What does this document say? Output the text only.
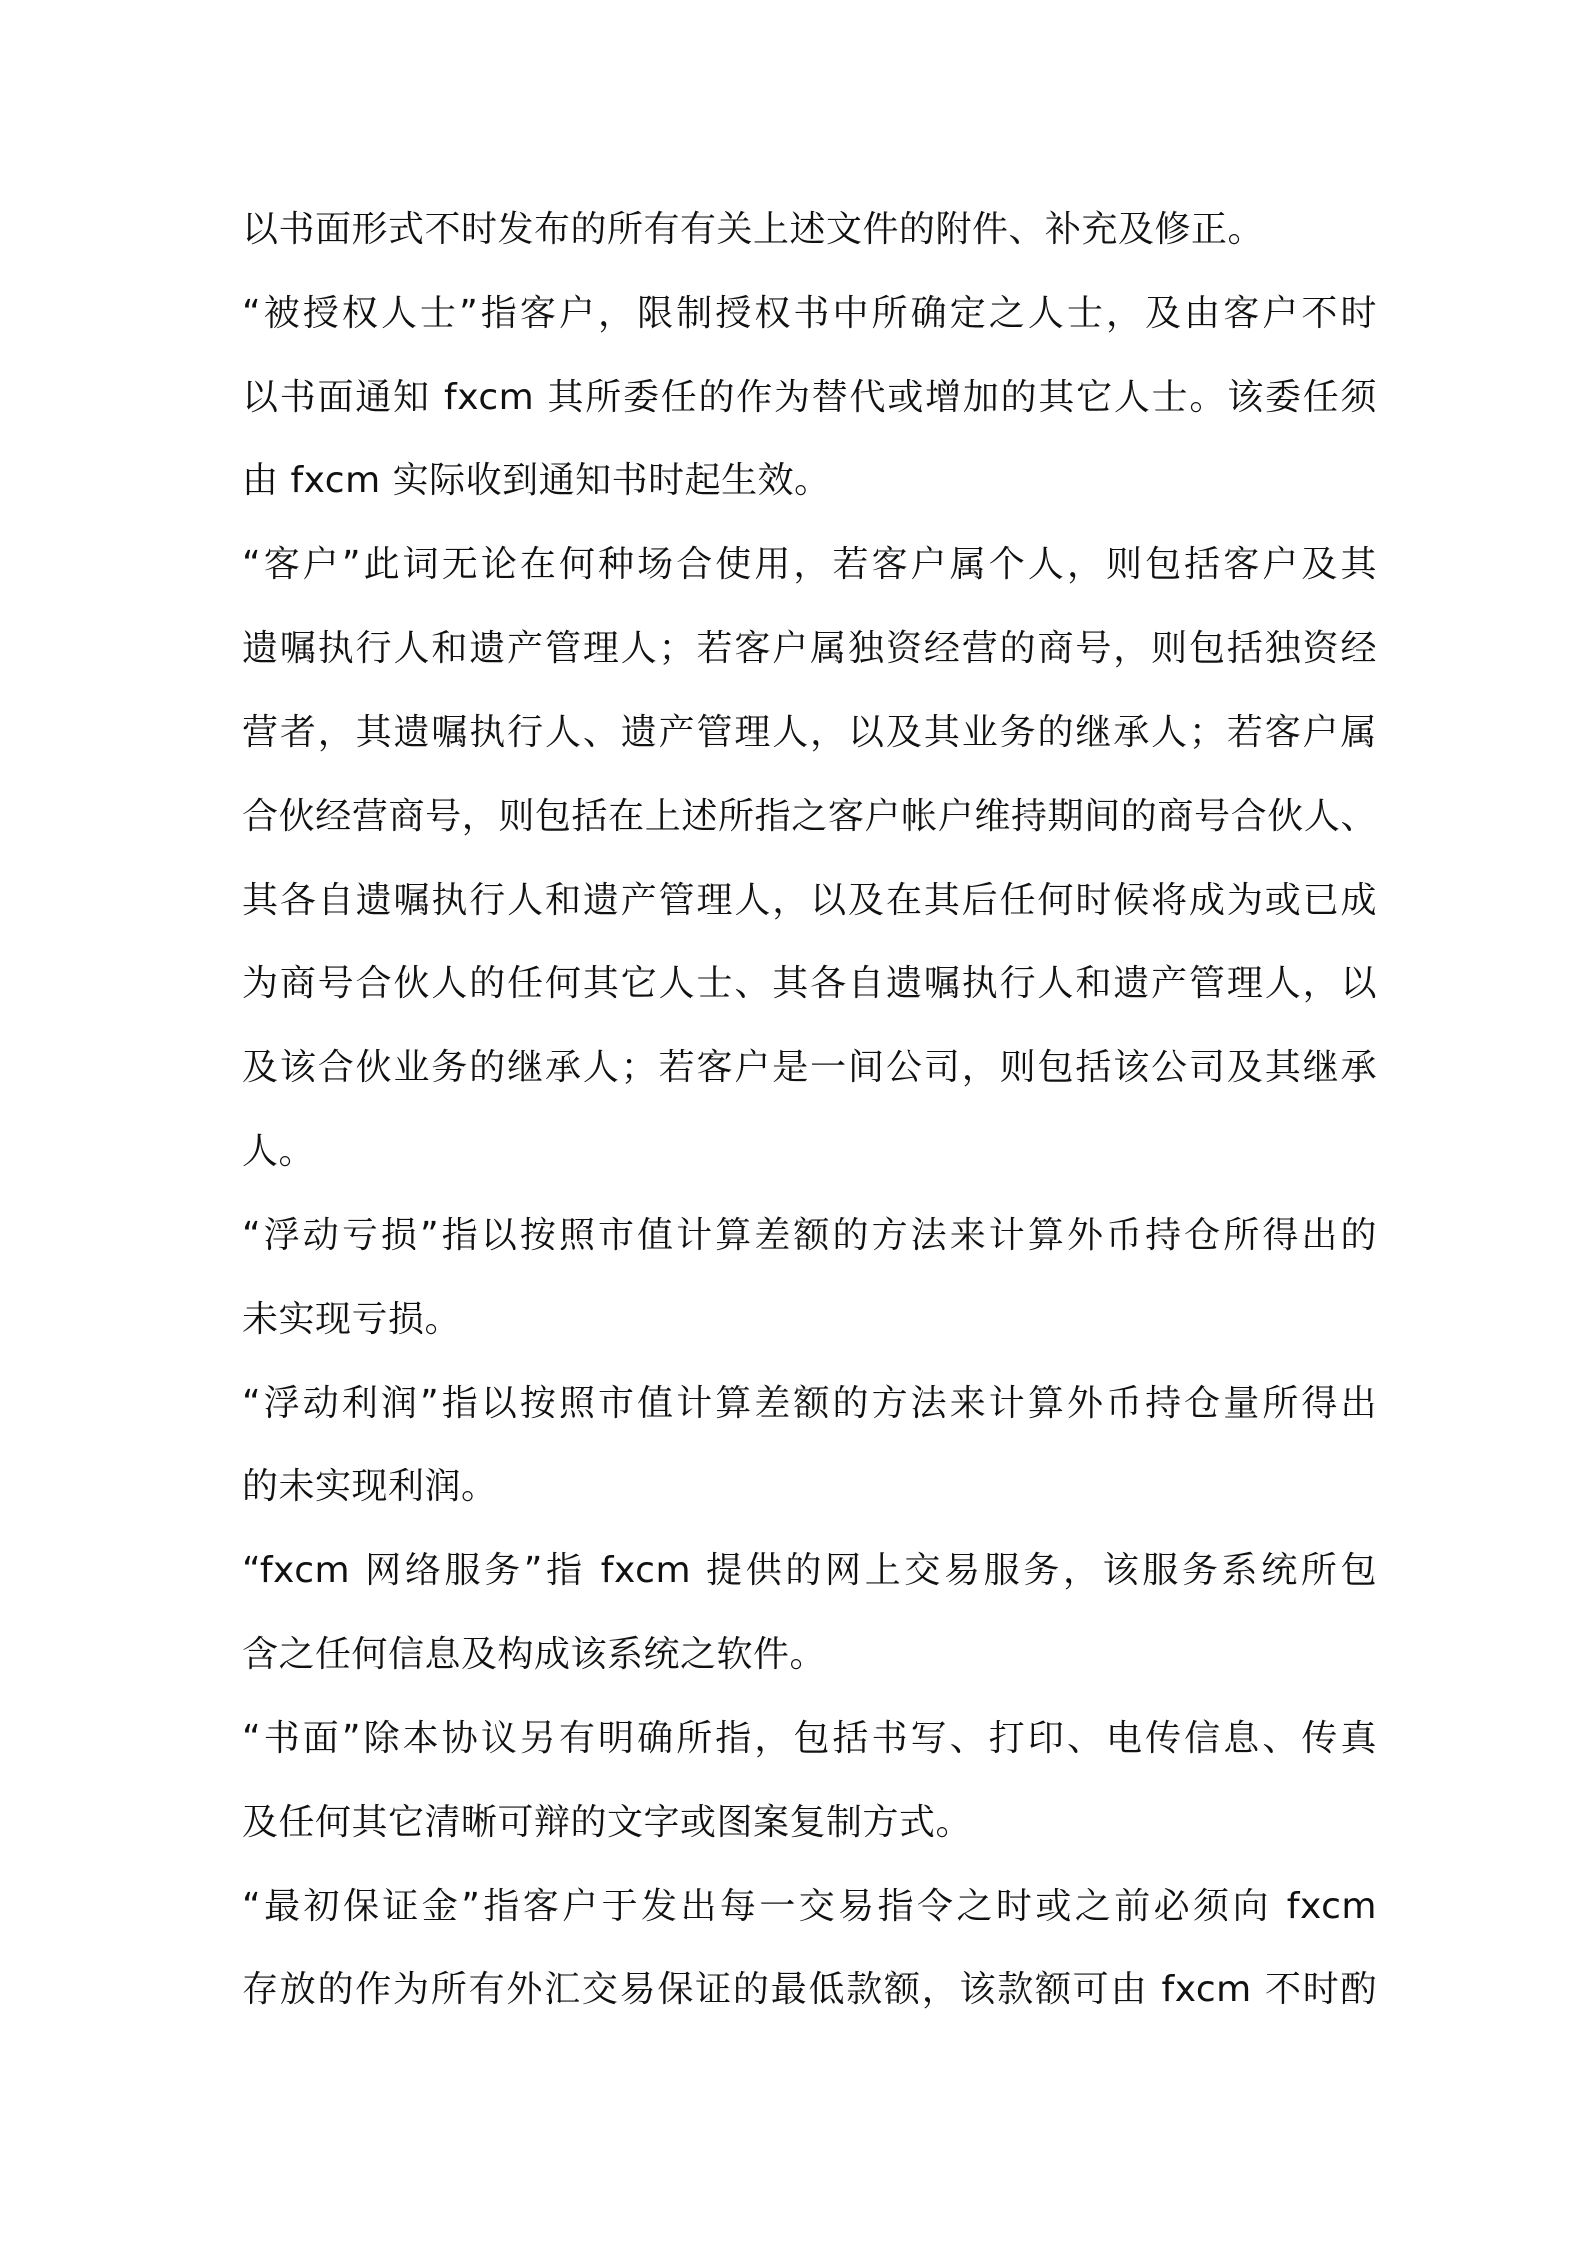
以书面形式不时发布的所有有关上述文件的附件、补充及修正。
“被授权人士”指客户，限制授权书中所确定之人士，及由客户不时
以书面通知 fxcm 其所委任的作为替代或增加的其它人士。该委任须
由 fxcm 实际收到通知书时起生效。
“客户”此词无论在何种场合使用，若客户属个人，则包括客户及其
遗嘱执行人和遗产管理人；若客户属独资经营的商号，则包括独资经
营者，其遗嘱执行人、遗产管理人，以及其业务的继承人；若客户属
合伙经营商号，则包括在上述所指之客户帐户维持期间的商号合伙人、
其各自遗嘱执行人和遗产管理人，以及在其后任何时候将成为或已成
为商号合伙人的任何其它人士、其各自遗嘱执行人和遗产管理人，以
及该合伙业务的继承人；若客户是一间公司，则包括该公司及其继承
人。
“浮动亏损”指以按照市值计算差额的方法来计算外币持仓所得出的
未实现亏损。
“浮动利润”指以按照市值计算差额的方法来计算外币持仓量所得出
的未实现利润。
“fxcm 网络服务”指 fxcm 提供的网上交易服务，该服务系统所包
含之任何信息及构成该系统之软件。
“书面”除本协议另有明确所指，包括书写、打印、电传信息、传真
及任何其它清晰可辩的文字或图案复制方式。
“最初保证金”指客户于发出每一交易指令之时或之前必须向 fxcm
存放的作为所有外汇交易保证的最低款额，该款额可由 fxcm 不时酌
